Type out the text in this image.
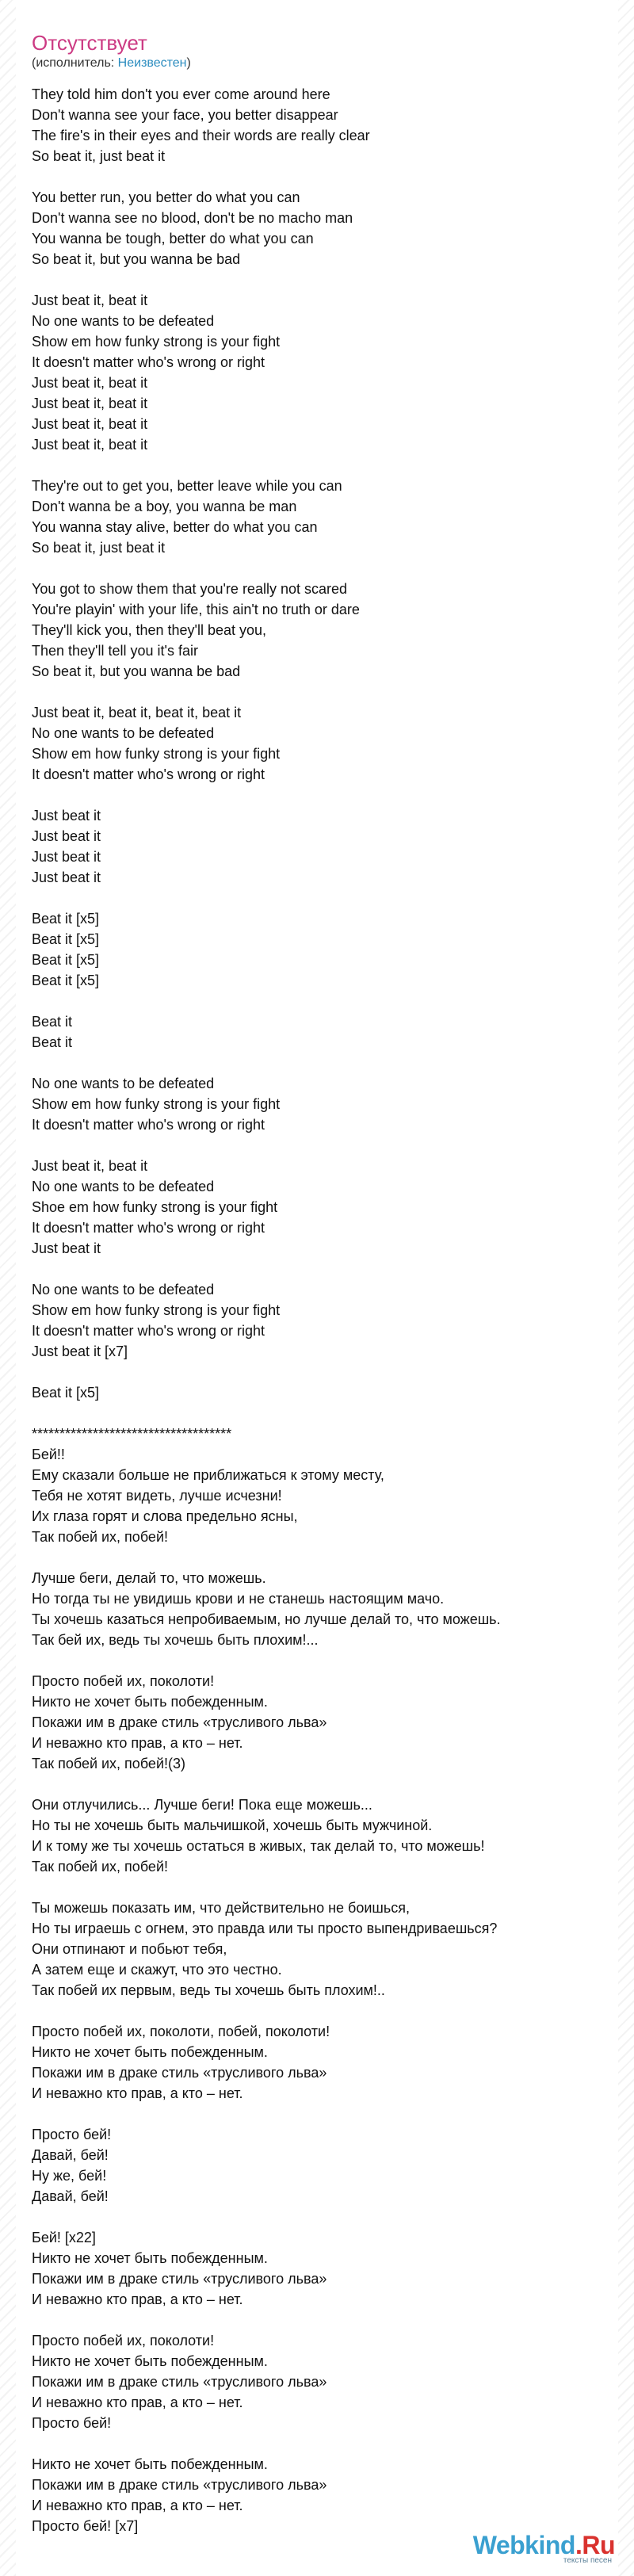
Отсутствует
(исполнитель: Неизвестен)
They told him don't you ever come around here
Don't wanna see your face, you better disappear
The fire's in their eyes and their words are really clear
So beat it, just beat it

You better run, you better do what you can
Don't wanna see no blood, don't be no macho man
You wanna be tough, better do what you can
So beat it, but you wanna be bad

Just beat it, beat it
No one wants to be defeated
Show em how funky strong is your fight
It doesn't matter who's wrong or right
Just beat it, beat it
Just beat it, beat it
Just beat it, beat it
Just beat it, beat it

They're out to get you, better leave while you can
Don't wanna be a boy, you wanna be man
You wanna stay alive, better do what you can
So beat it, just beat it

You got to show them that you're really not scared
You're playin' with your life, this ain't no truth or dare
They'll kick you, then they'll beat you,
Then they'll tell you it's fair
So beat it, but you wanna be bad

Just beat it, beat it, beat it, beat it
No one wants to be defeated
Show em how funky strong is your fight
It doesn't matter who's wrong or right

Just beat it
Just beat it
Just beat it
Just beat it

Beat it [x5]
Beat it [x5]
Beat it [x5]
Beat it [x5]

Beat it
Beat it

No one wants to be defeated
Show em how funky strong is your fight
It doesn't matter who's wrong or right

Just beat it, beat it
No one wants to be defeated
Shoe em how funky strong is your fight
It doesn't matter who's wrong or right
Just beat it

No one wants to be defeated
Show em how funky strong is your fight
It doesn't matter who's wrong or right
Just beat it [x7]

Beat it [x5]

************************************
Бей!!
Ему сказали больше не приближаться к этому месту,
Тебя не хотят видеть, лучше исчезни!
Их глаза горят и слова предельно ясны,
Так побей их, побей!

Лучше беги, делай то, что можешь.
Но тогда ты не увидишь крови и не станешь настоящим мачо.
Ты хочешь казаться непробиваемым, но лучше делай то, что можешь.
Так бей их, ведь ты хочешь быть плохим!...

Просто побей их, поколоти!
Никто не хочет быть побежденным.
Покажи им в драке стиль «трусливого льва»
И неважно кто прав, а кто – нет.
Так побей их, побей!(3)

Они отлучились... Лучше беги! Пока еще можешь...
Но ты не хочешь быть мальчишкой, хочешь быть мужчиной.
И к тому же ты хочешь остаться в живых, так делай то, что можешь!
Так побей их, побей!

Ты можешь показать им, что действительно не боишься,
Но ты играешь с огнем, это правда или ты просто выпендриваешься?
Они отпинают и побьют тебя,
А затем еще и скажут, что это честно.
Так побей их первым, ведь ты хочешь быть плохим!..

Просто побей их, поколоти, побей, поколоти!
Никто не хочет быть побежденным.
Покажи им в драке стиль «трусливого льва»
И неважно кто прав, а кто – нет.

Просто бей!
Давай, бей!
Ну же, бей!
Давай, бей!

Бей! [x22]
Никто не хочет быть побежденным.
Покажи им в драке стиль «трусливого льва»
И неважно кто прав, а кто – нет.

Просто побей их, поколоти!
Никто не хочет быть побежденным.
Покажи им в драке стиль «трусливого льва»
И неважно кто прав, а кто – нет.
Просто бей!

Никто не хочет быть побежденным.
Покажи им в драке стиль «трусливого льва»
И неважно кто прав, а кто – нет.
Просто бей! [x7]
Webkind.Ru
тексты песен
